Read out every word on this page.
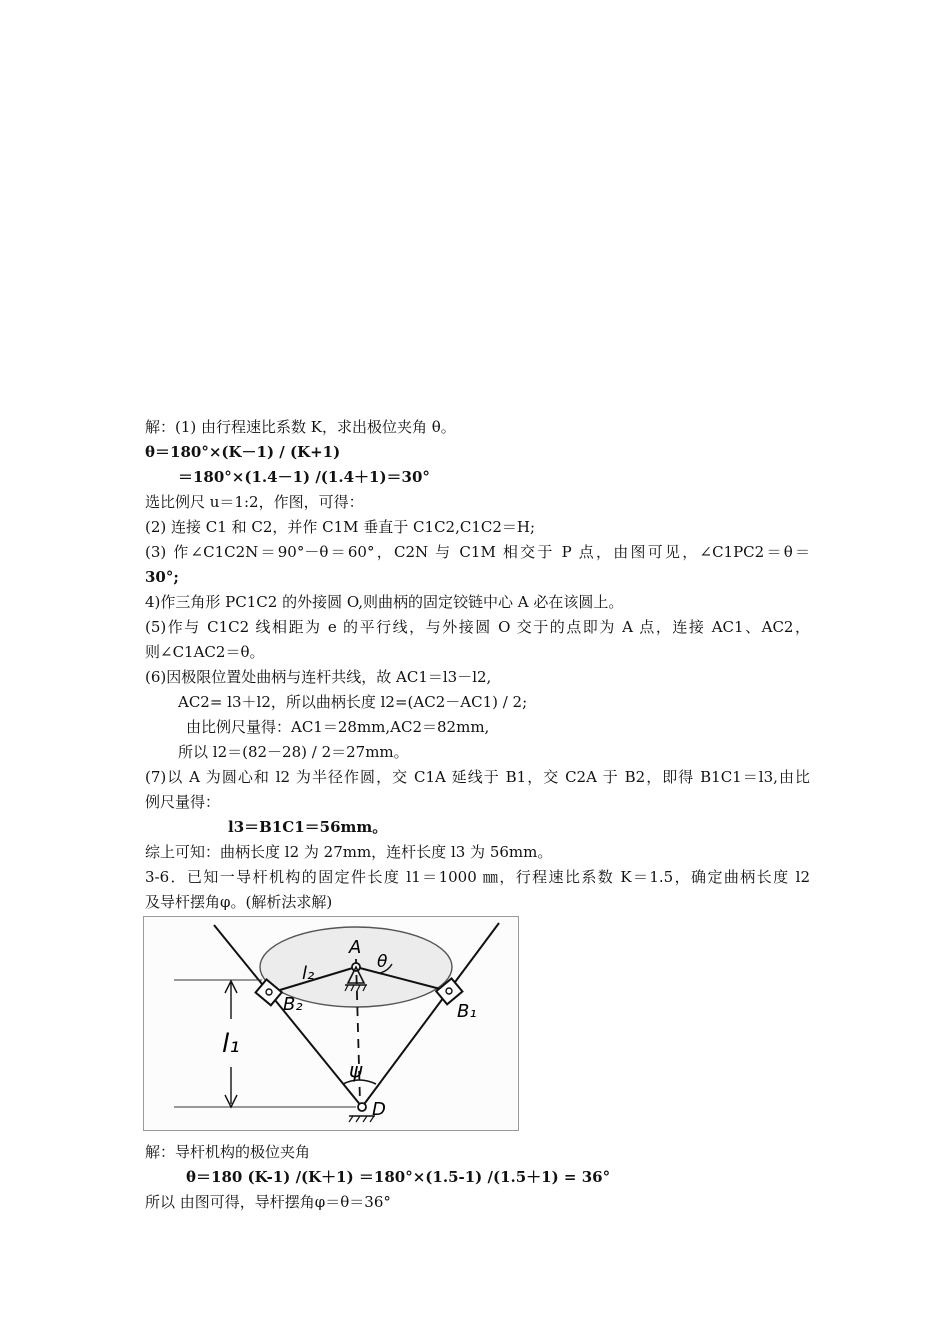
解：(1) 由行程速比系数 K，求出极位夹角 θ。
θ＝180°×(K－1) / (K+1)
＝180°×(1.4－1) /(1.4＋1)＝30°
选比例尺 u＝1:2，作图，可得：
(2) 连接 C1 和 C2，并作 C1M 垂直于 C1C2,C1C2＝H;
(3) 作∠C1C2N＝90°－θ＝60°，C2N 与 C1M 相交于 P 点，由图可见，∠C1PC2＝θ＝
30°;
4)作三角形 PC1C2 的外接圆 O,则曲柄的固定铰链中心 A 必在该圆上。
(5)作与 C1C2 线相距为 e 的平行线，与外接圆 O 交于的点即为 A 点，连接 AC1、AC2，
则∠C1AC2＝θ。
(6)因极限位置处曲柄与连杆共线，故 AC1＝l3－l2,
AC2= l3＋l2，所以曲柄长度 l2=(AC2－AC1) / 2;
由比例尺量得：AC1＝28mm,AC2＝82mm,
所以 l2＝(82－28) / 2＝27mm。
(7)以 A 为圆心和 l2 为半径作圆，交 C1A 延线于 B1，交 C2A 于 B2，即得 B1C1＝l3,由比
例尺量得：
l3＝B1C1＝56mm。
综上可知：曲柄长度 l2 为 27mm，连杆长度 l3 为 56mm。
3-6．已知一导杆机构的固定件长度 l1＝1000 ㎜，行程速比系数 K＝1.5，确定曲柄长度 l2
及导杆摆角φ。(解析法求解)
A
θ
l₂
B₂	B₁
l₁
ψ
D
解：导杆机构的极位夹角
θ＝180 (K-1) /(K＋1) ＝180°×(1.5-1) /(1.5＋1) = 36°
所以 由图可得，导杆摆角φ＝θ＝36°
